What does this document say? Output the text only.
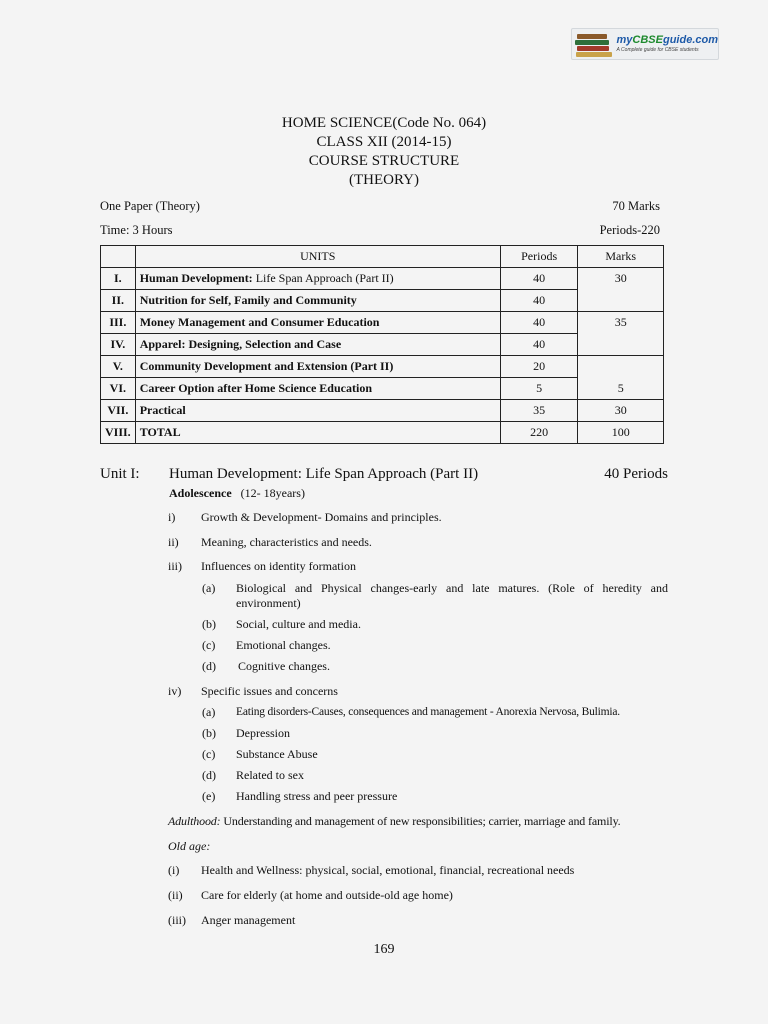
myCBSEguide.com
A Complete guide for CBSE students
HOME SCIENCE(Code No. 064)
CLASS XII (2014-15)
COURSE STRUCTURE
(THEORY)
One Paper (Theory)	70 Marks
Time: 3 Hours	Periods-220
	UNITS	Periods	Marks
I.	Human Development: Life Span Approach (Part II)	40	30
II.	Nutrition for Self, Family and Community	40	
III.	Money Management and Consumer Education	40	35
IV.	Apparel: Designing, Selection and Case	40	
V.	Community Development and Extension (Part II)	20	
VI.	Career Option after Home Science Education	5	5
VII.	Practical	35	30
VIII.	TOTAL	220	100
Unit I: Human Development: Life Span Approach (Part II)	40 Periods
Adolescence (12- 18years)
i) Growth & Development- Domains and principles.
ii) Meaning, characteristics and needs.
iii) Influences on identity formation
(a) Biological and Physical changes-early and late matures. (Role of heredity and environment)
(b) Social, culture and media.
(c) Emotional changes.
(d) Cognitive changes.
iv) Specific issues and concerns
(a) Eating disorders-Causes, consequences and management - Anorexia Nervosa, Bulimia.
(b) Depression
(c) Substance Abuse
(d) Related to sex
(e) Handling stress and peer pressure
Adulthood: Understanding and management of new responsibilities; carrier, marriage and family.
Old age:
(i) Health and Wellness: physical, social, emotional, financial, recreational needs
(ii) Care for elderly (at home and outside-old age home)
(iii) Anger management
169
